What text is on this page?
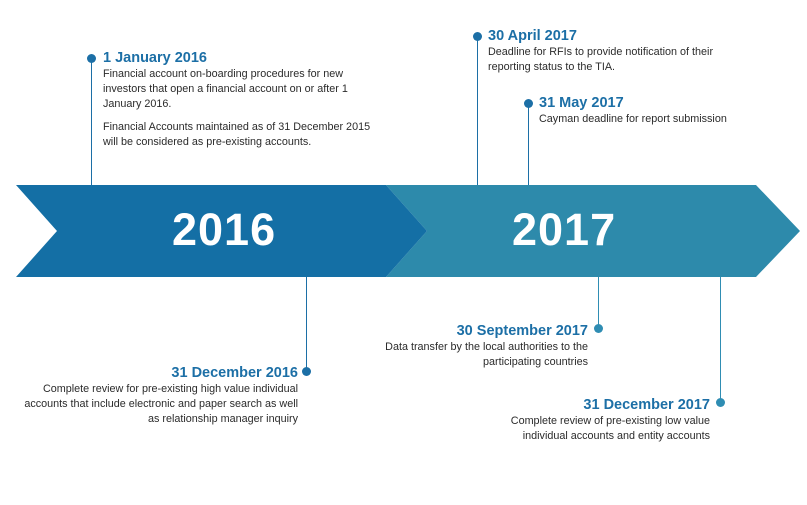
2016	2017
1 January 2016

Financial account on-boarding procedures for new investors that open a financial account on or after 1 January 2016.

Financial Accounts maintained as of 31 December 2015 will be considered as pre-existing accounts.

30 April 2017

Deadline for RFIs to provide notification of their reporting status to the TIA.

31 May 2017

Cayman deadline for report submission

31 December 2016

Complete review for pre-existing high value individual accounts that include electronic and paper search as well as relationship manager inquiry

30 September 2017

Data transfer by the local authorities to the participating countries

31 December 2017

Complete review of pre-existing low value individual accounts and entity accounts
